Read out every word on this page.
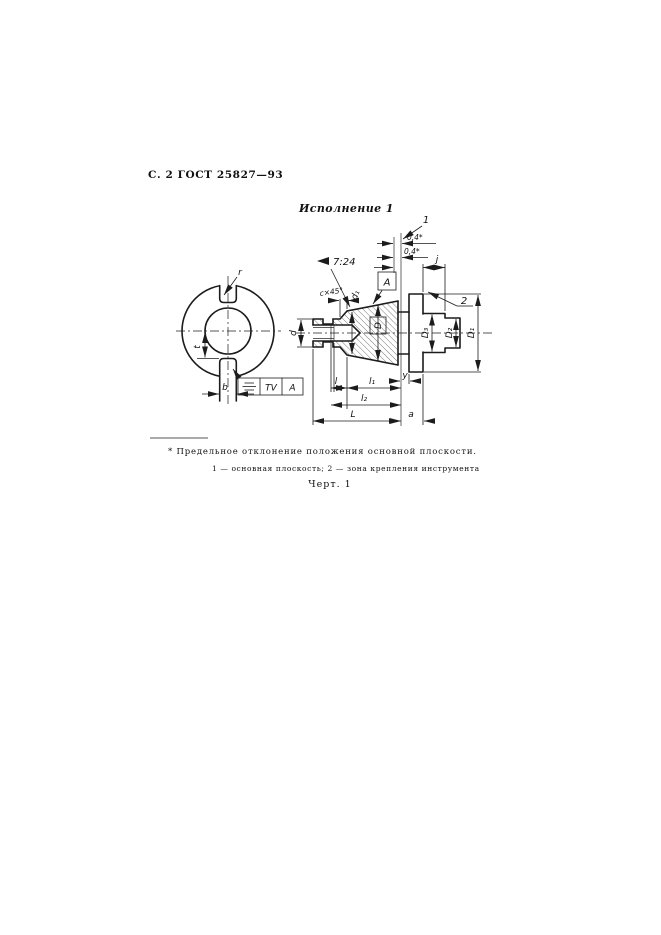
С. 2 ГОСТ 25827—93
Исполнение 1
r
t
b	TV A
1
0,4*
0,4*
7:24
c×45° d₁
D
A
j
2
D₃ D₂ D₁
d
у
l	l₁
l₂
L	a
* Предельное отклонение положения основной плоскости.
1 — основная плоскость; 2 — зона крепления инструмента
Черт. 1
